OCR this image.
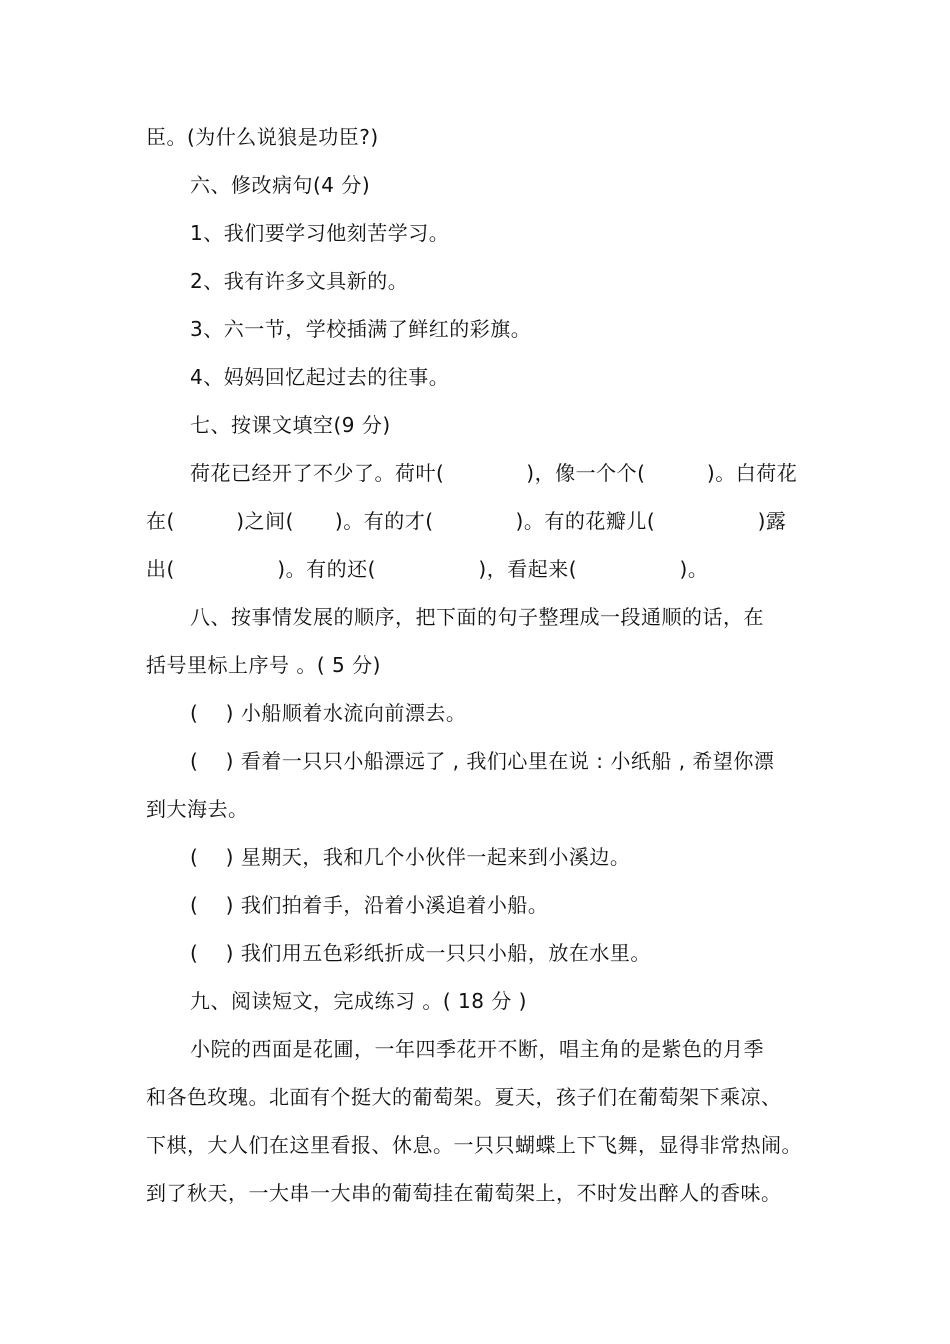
臣。(为什么说狼是功臣?)

六、修改病句(4 分)

1、我们要学习他刻苦学习。

2、我有许多文具新的。

3、六一节，学校插满了鲜红的彩旗。

4、妈妈回忆起过去的往事。

七、按课文填空(9 分)

荷花已经开了不少了。荷叶(　　　　)，像一个个(　　　)。白荷花

在(　　　)之间(　　)。有的才(　　　　)。有的花瓣儿(　　　　　)露

出(　　　　　)。有的还(　　　　　)，看起来(　　　　　)。

八、按事情发展的顺序，把下面的句子整理成一段通顺的话，在

括号里标上序号 。( 5 分)

(　 ) 小船顺着水流向前漂去。

(　 ) 看着一只只小船漂远了 , 我们心里在说 : 小纸船 , 希望你漂

到大海去。

(　 ) 星期天，我和几个小伙伴一起来到小溪边。

(　 ) 我们拍着手，沿着小溪追着小船。

(　 ) 我们用五色彩纸折成一只只小船，放在水里。

九、阅读短文，完成练习 。( 18 分 )

小院的西面是花圃，一年四季花开不断，唱主角的是紫色的月季

和各色玫瑰。北面有个挺大的葡萄架。夏天，孩子们在葡萄架下乘凉、

下棋，大人们在这里看报、休息。一只只蝴蝶上下飞舞，显得非常热闹。

到了秋天，一大串一大串的葡萄挂在葡萄架上，不时发出醉人的香味。
